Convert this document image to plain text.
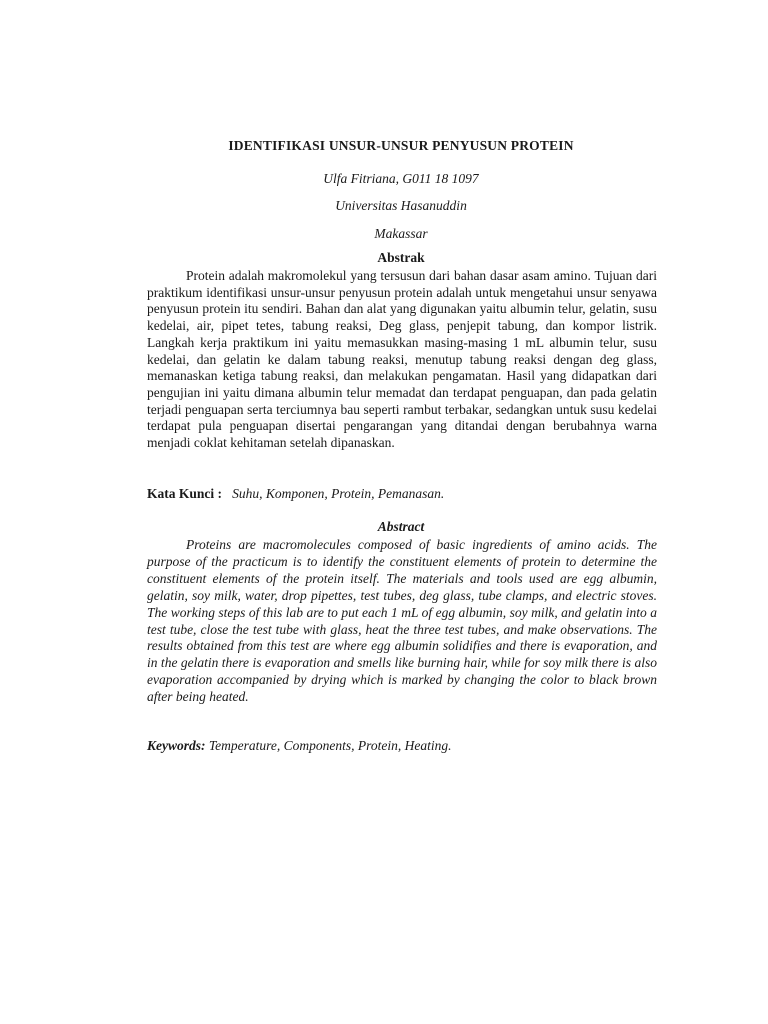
IDENTIFIKASI UNSUR-UNSUR PENYUSUN PROTEIN
Ulfa Fitriana, G011 18 1097
Universitas Hasanuddin
Makassar
Abstrak

Protein adalah makromolekul yang tersusun dari bahan dasar asam amino. Tujuan dari praktikum identifikasi unsur-unsur penyusun protein adalah untuk mengetahui unsur senyawa penyusun protein itu sendiri. Bahan dan alat yang digunakan yaitu albumin telur, gelatin, susu kedelai, air, pipet tetes, tabung reaksi, Deg glass, penjepit tabung, dan kompor listrik. Langkah kerja praktikum ini yaitu memasukkan masing-masing 1 mL albumin telur, susu kedelai, dan gelatin ke dalam tabung reaksi, menutup tabung reaksi dengan deg glass, memanaskan ketiga tabung reaksi, dan melakukan pengamatan. Hasil yang didapatkan dari pengujian ini yaitu dimana albumin telur memadat dan terdapat penguapan, dan pada gelatin terjadi penguapan serta terciumnya bau seperti rambut terbakar, sedangkan untuk susu kedelai terdapat pula penguapan disertai pengarangan yang ditandai dengan berubahnya warna menjadi coklat kehitaman setelah dipanaskan.

Kata Kunci : Suhu, Komponen, Protein, Pemanasan.
Abstract

Proteins are macromolecules composed of basic ingredients of amino acids. The purpose of the practicum is to identify the constituent elements of protein to determine the constituent elements of the protein itself. The materials and tools used are egg albumin, gelatin, soy milk, water, drop pipettes, test tubes, deg glass, tube clamps, and electric stoves. The working steps of this lab are to put each 1 mL of egg albumin, soy milk, and gelatin into a test tube, close the test tube with glass, heat the three test tubes, and make observations. The results obtained from this test are where egg albumin solidifies and there is evaporation, and in the gelatin there is evaporation and smells like burning hair, while for soy milk there is also evaporation accompanied by drying which is marked by changing the color to black brown after being heated.

Keywords: Temperature, Components, Protein, Heating.
